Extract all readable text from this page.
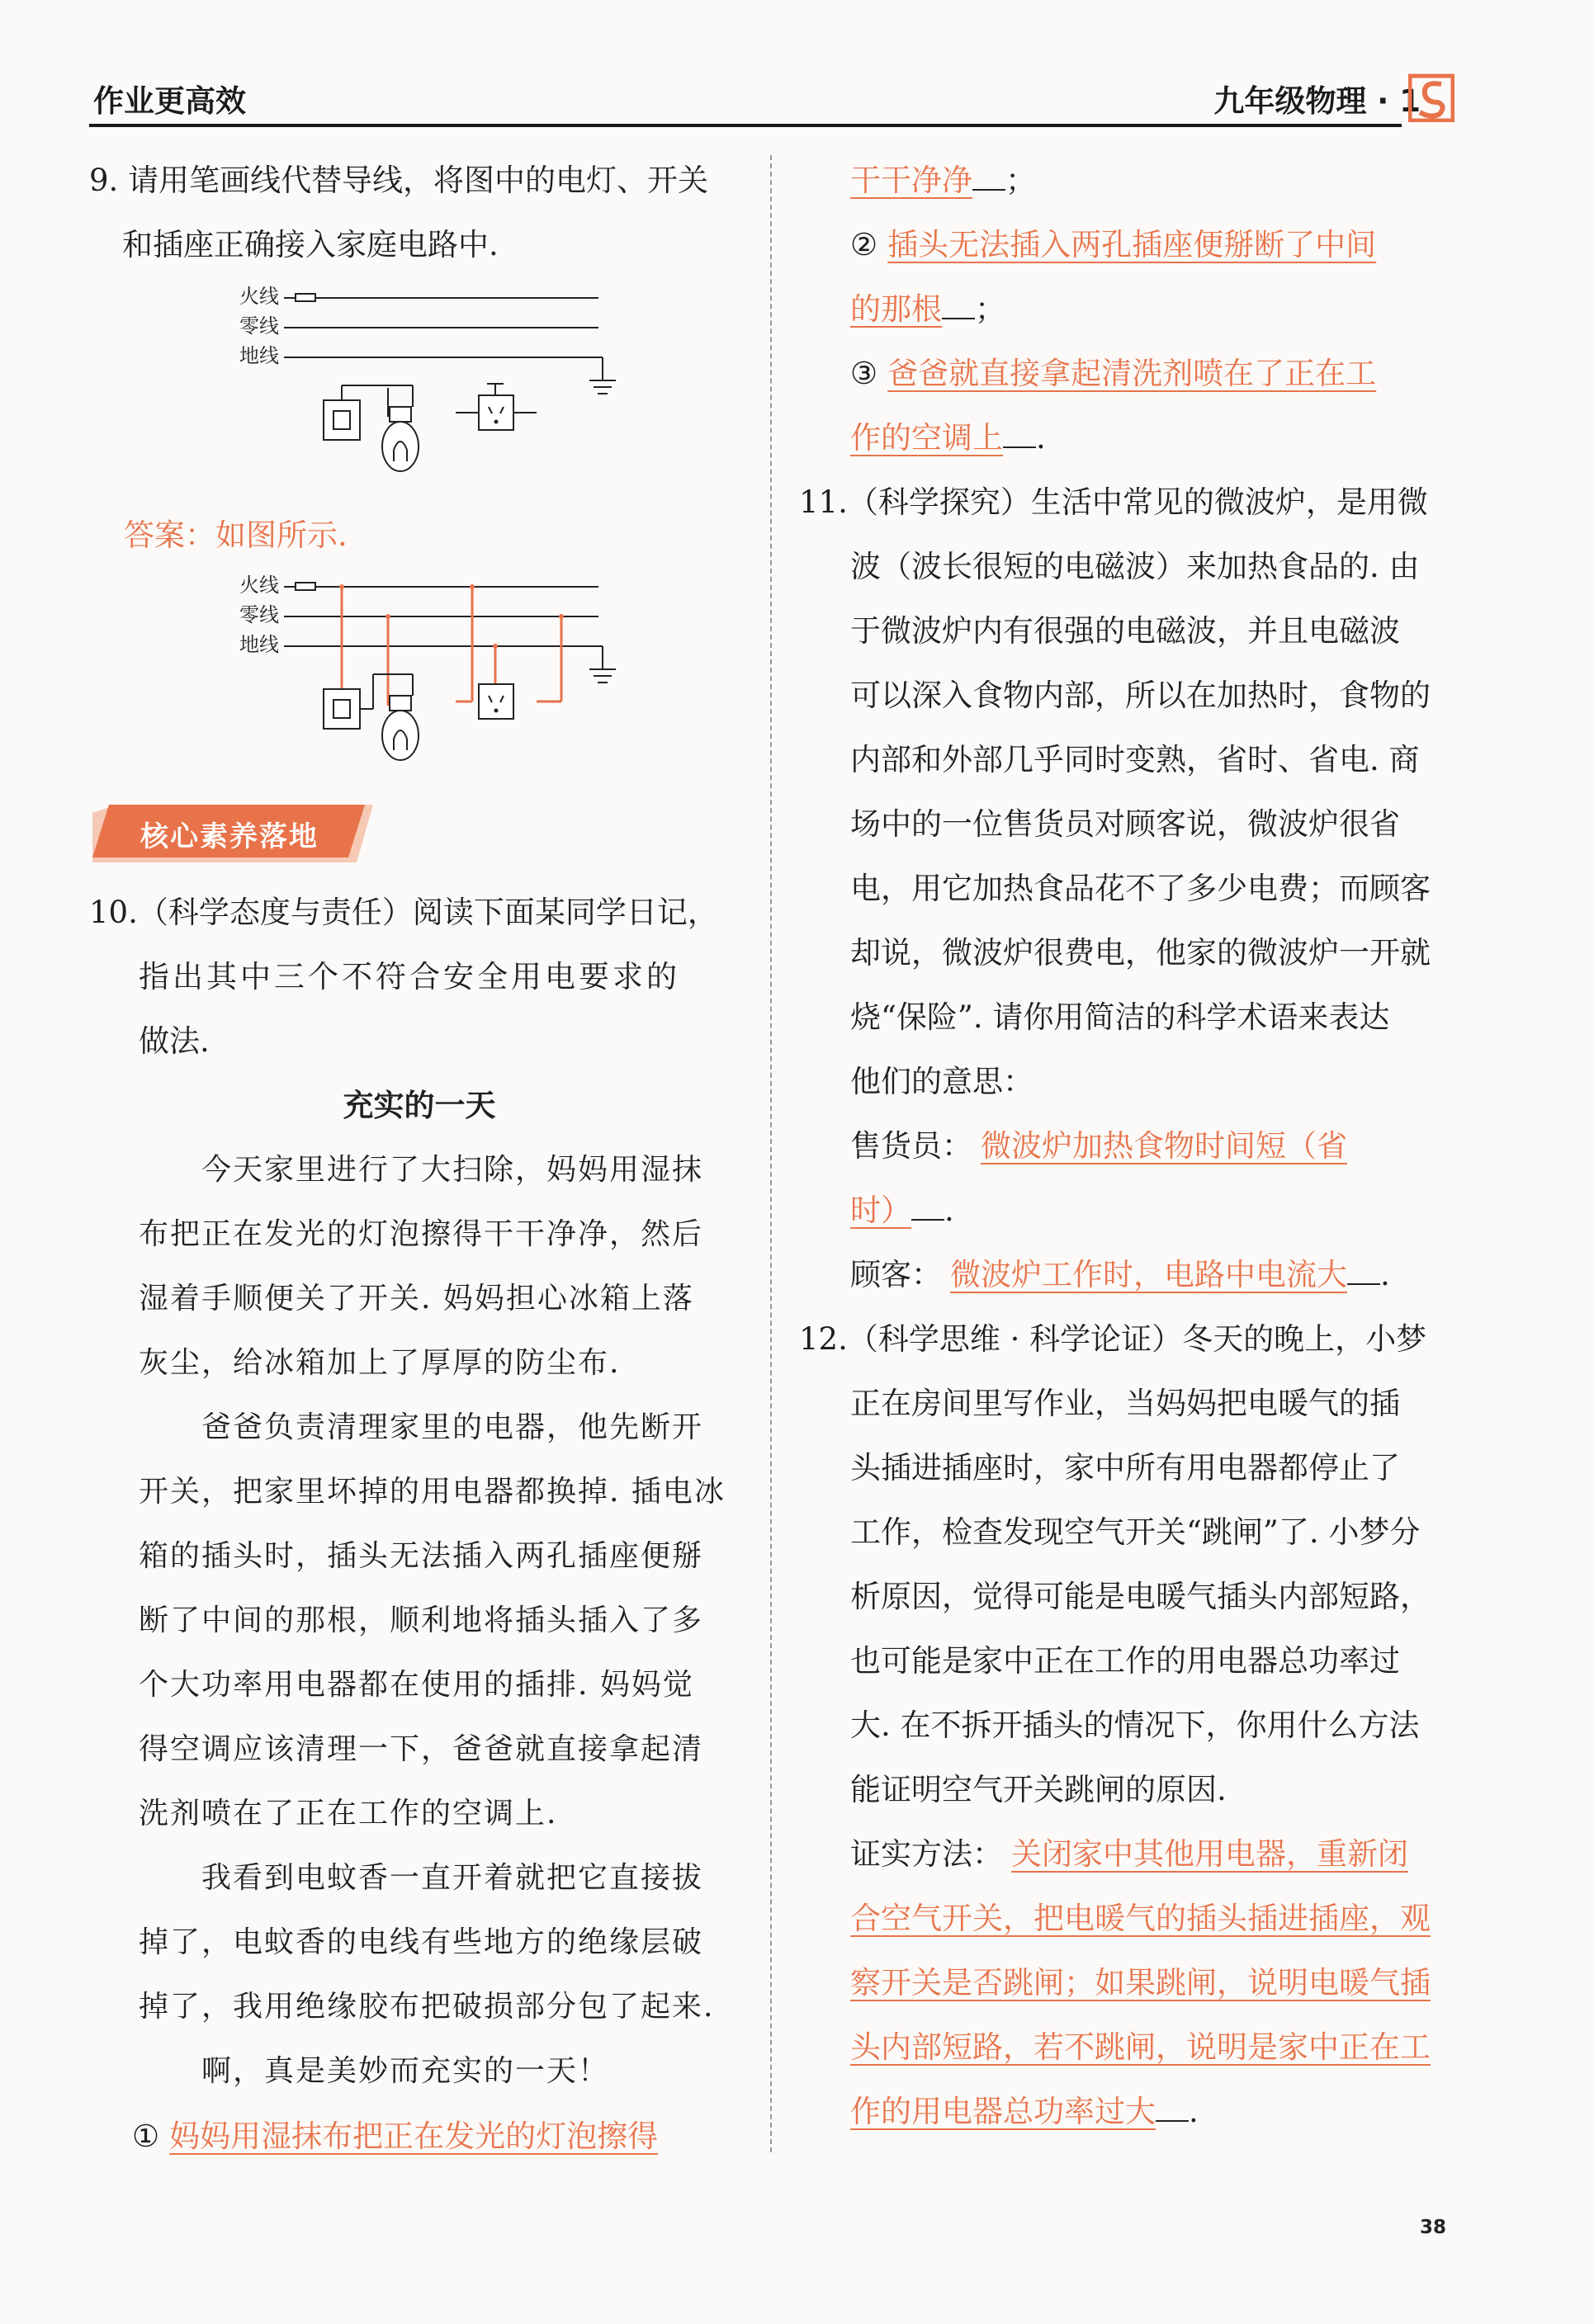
作业更高效	九年级物理 · 1

9. 请用笔画线代替导线，将图中的电灯、开关

和插座正确接入家庭电路中.

火线
零线
地线

答案：如图所示.

火线
零线
地线
核心素养落地

10.（科学态度与责任）阅读下面某同学日记，

指出其中三个不符合安全用电要求的

做法.

充实的一天

今天家里进行了大扫除，妈妈用湿抹

布把正在发光的灯泡擦得干干净净，然后

湿着手顺便关了开关. 妈妈担心冰箱上落

灰尘，给冰箱加上了厚厚的防尘布.

爸爸负责清理家里的电器，他先断开

开关，把家里坏掉的用电器都换掉. 插电冰

箱的插头时，插头无法插入两孔插座便掰

断了中间的那根，顺利地将插头插入了多

个大功率用电器都在使用的插排. 妈妈觉

得空调应该清理一下，爸爸就直接拿起清

洗剂喷在了正在工作的空调上.

我看到电蚊香一直开着就把它直接拔

掉了，电蚊香的电线有些地方的绝缘层破

掉了，我用绝缘胶布把破损部分包了起来.

啊，真是美妙而充实的一天！

① 妈妈用湿抹布把正在发光的灯泡擦得

干干净净 ；

② 插头无法插入两孔插座便掰断了中间

的那根 ；

③ 爸爸就直接拿起清洗剂喷在了正在工

作的空调上 .

11.（科学探究）生活中常见的微波炉，是用微

波（波长很短的电磁波）来加热食品的. 由

于微波炉内有很强的电磁波，并且电磁波

可以深入食物内部，所以在加热时，食物的

内部和外部几乎同时变熟，省时、省电. 商

场中的一位售货员对顾客说，微波炉很省

电，用它加热食品花不了多少电费；而顾客

却说，微波炉很费电，他家的微波炉一开就

烧“保险”. 请你用简洁的科学术语来表达

他们的意思：

售货员： 微波炉加热食物时间短（省

时） .

顾客： 微波炉工作时，电路中电流大 .

12.（科学思维 · 科学论证）冬天的晚上，小梦

正在房间里写作业，当妈妈把电暖气的插

头插进插座时，家中所有用电器都停止了

工作，检查发现空气开关“跳闸”了. 小梦分

析原因，觉得可能是电暖气插头内部短路，

也可能是家中正在工作的用电器总功率过

大. 在不拆开插头的情况下，你用什么方法

能证明空气开关跳闸的原因.

证实方法： 关闭家中其他用电器，重新闭

合空气开关，把电暖气的插头插进插座，观

察开关是否跳闸；如果跳闸，说明电暖气插

头内部短路，若不跳闸，说明是家中正在工

作的用电器总功率过大 .

38
